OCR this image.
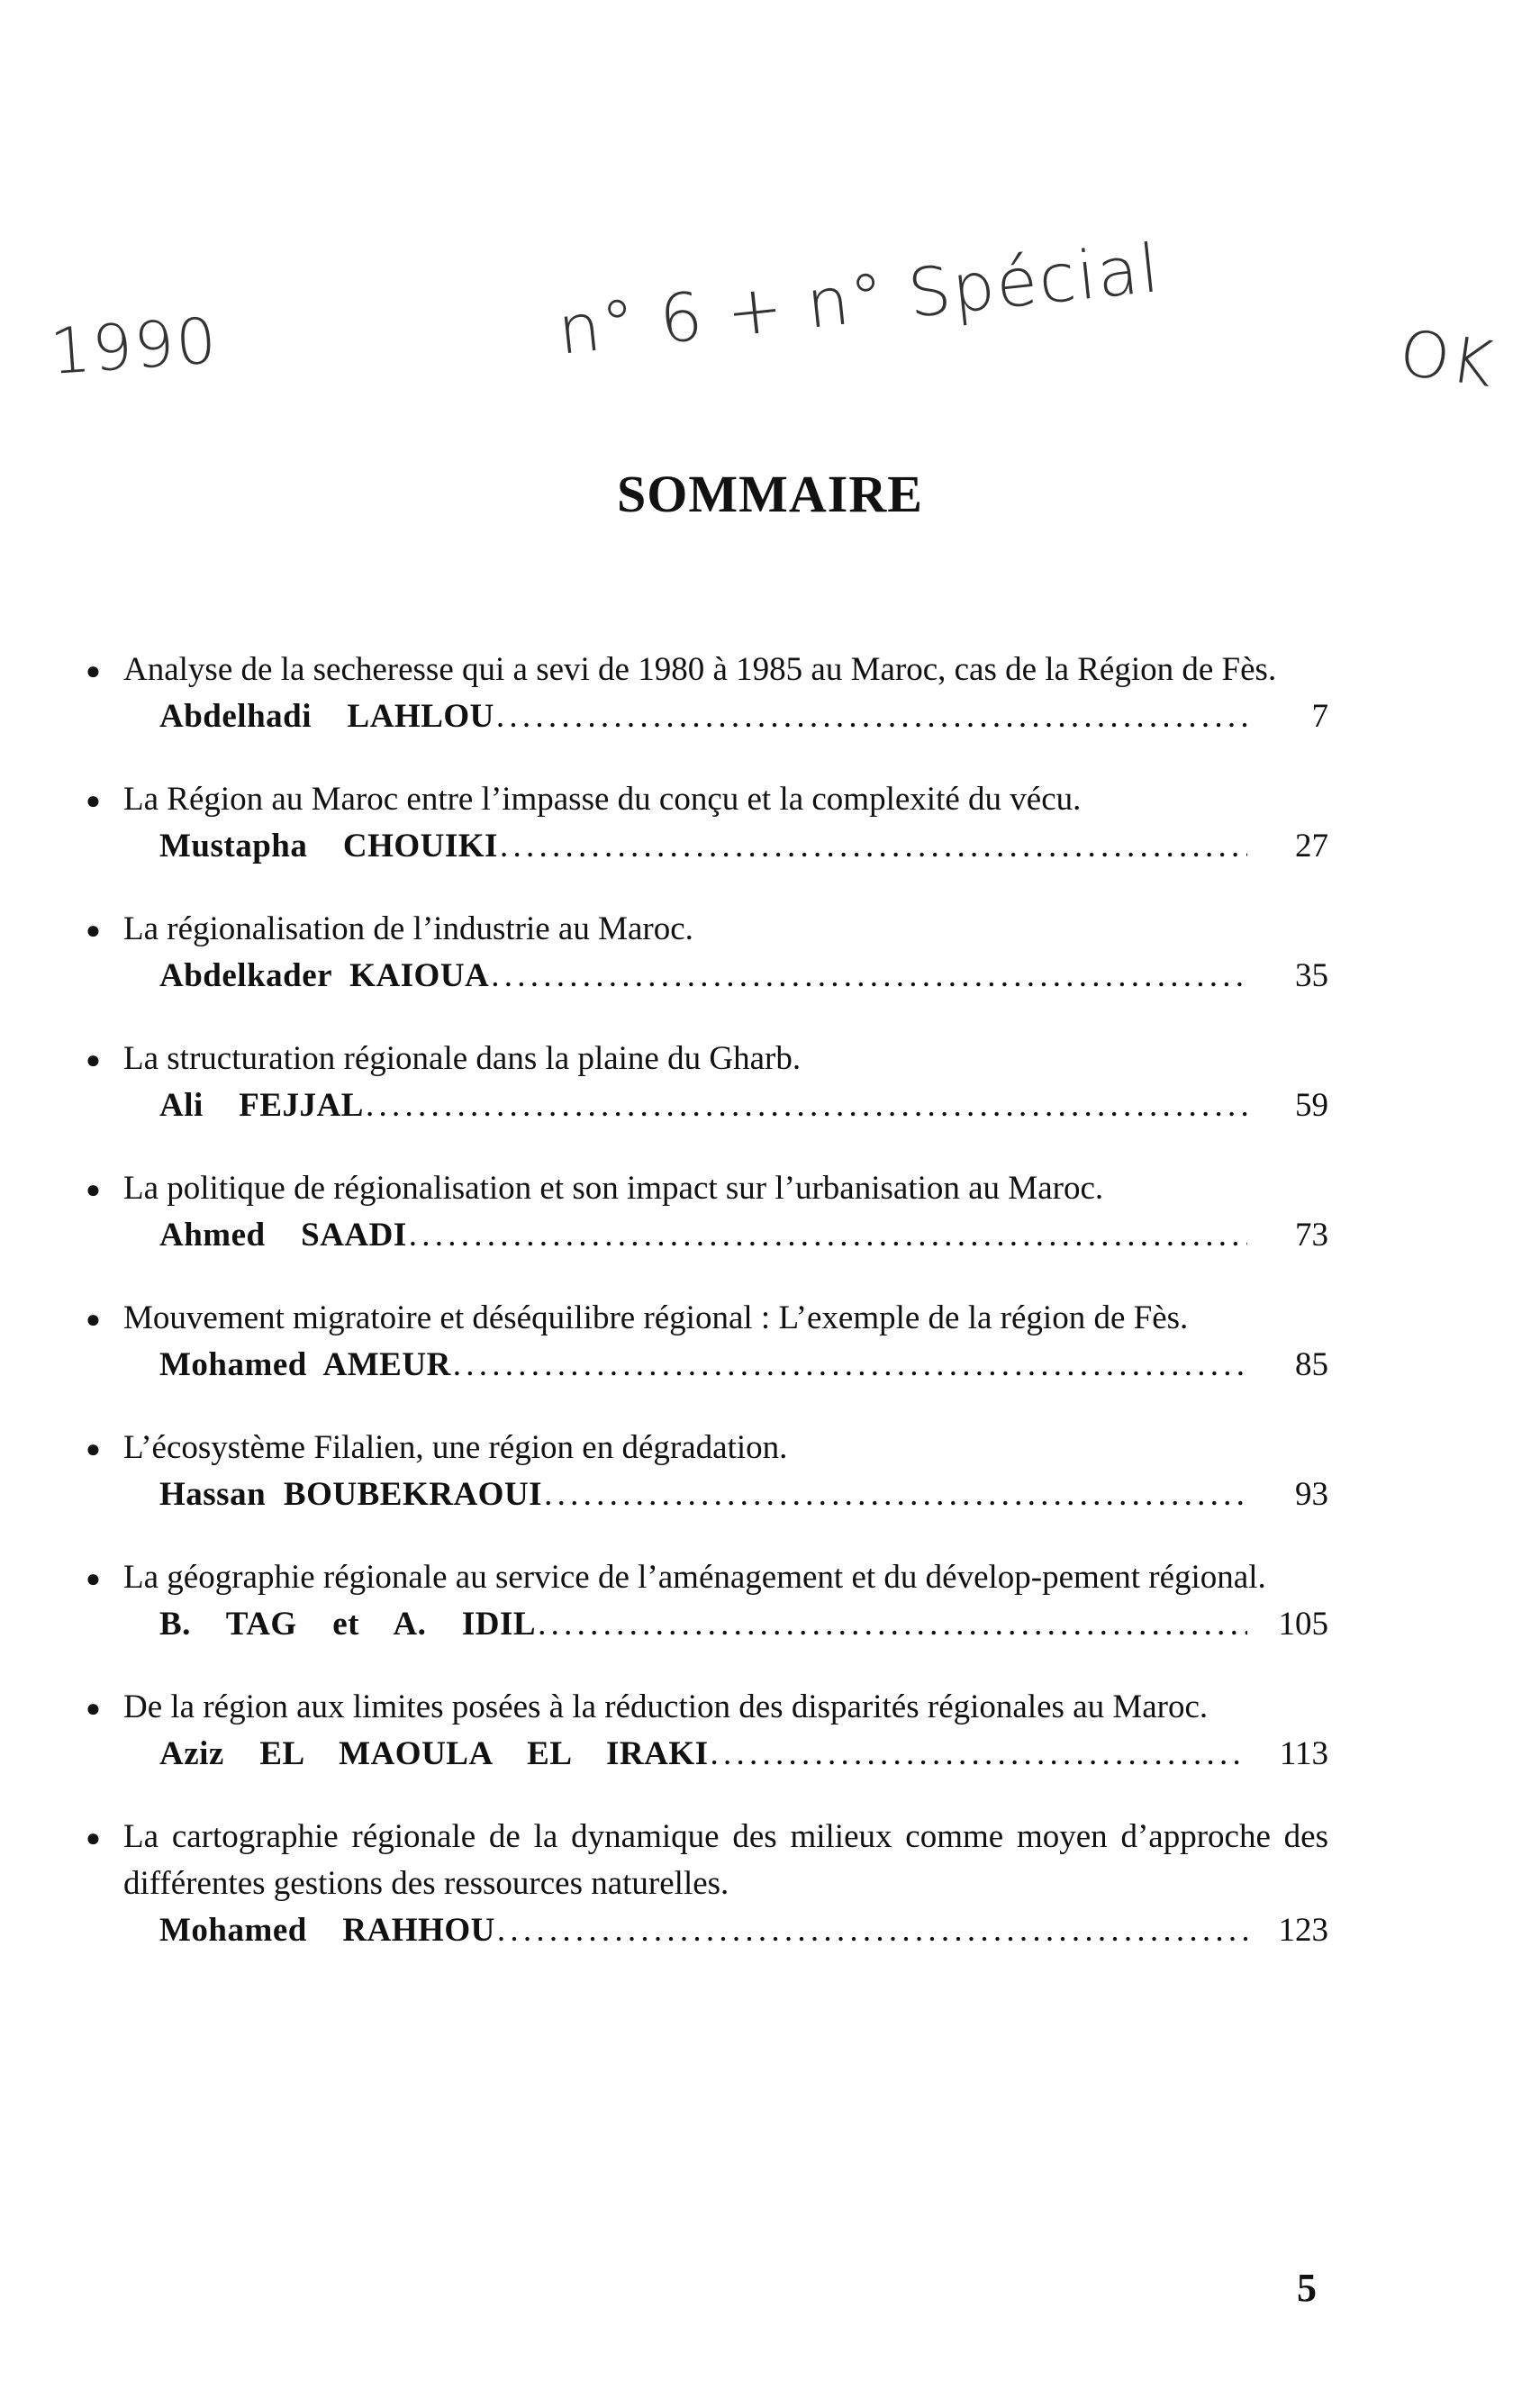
1990	n° 6 + n° Spécial	OK
SOMMAIRE
● Analyse de la secheresse qui a sevi de 1980 à 1985 au Maroc, cas de la Région de Fès.
Abdelhadi  LAHLOU . . .	7
● La Région au Maroc entre l’impasse du conçu et la complexité du vécu.
Mustapha  CHOUIKI . . .	27
● La régionalisation de l’industrie au Maroc.
Abdelkader KAIOUA . . .	35
● La structuration régionale dans la plaine du Gharb.
Ali  FEJJAL . . .	59
● La politique de régionalisation et son impact sur l’urbanisation au Maroc.
Ahmed  SAADI . . .	73
● Mouvement migratoire et déséquilibre régional : L’exemple de la région de Fès.
Mohamed AMEUR . . .	85
● L’écosystème Filalien, une région en dégradation.
Hassan BOUBEKRAOUI . . .	93
● La géographie régionale au service de l’aménagement et du dévelop-pement régional.
B.  TAG  et  A.  IDIL . . .	105
● De la région aux limites posées à la réduction des disparités régionales au Maroc.
Aziz  EL  MAOULA  EL  IRAKI . . .	113
● La cartographie régionale de la dynamique des milieux comme moyen d’approche des différentes gestions des ressources naturelles.
Mohamed  RAHHOU . . .	123
5
